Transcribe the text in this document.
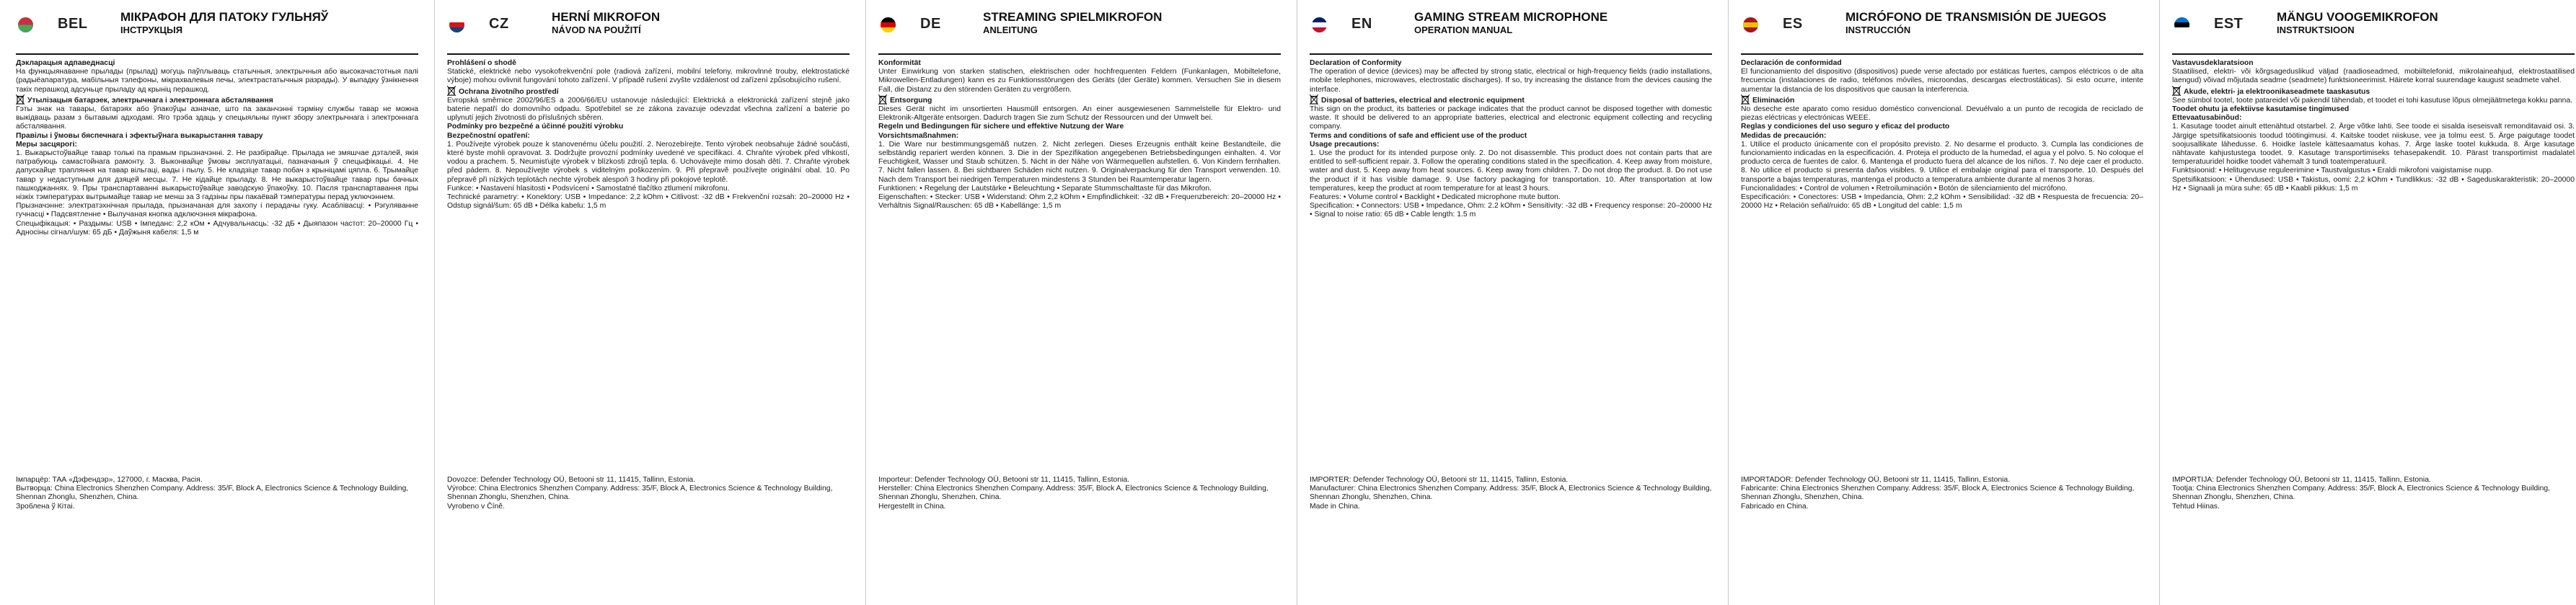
BEL	МІКРАФОН ДЛЯ ПАТОКУ ГУЛЬНЯЎ
ІНСТРУКЦЫЯ

Дэкларацыя адпаведнасці

На функцыянаванне прылады (прылад) могуць паўплываць статычныя, электрычныя або высокачастотныя палі (радыёапаратура, мабільныя тэлефоны, мікрахвалевыя печы, электрастатычныя разрады). У выпадку ўзнікнення такіх перашкод адсуньце прыладу ад крыніц перашкод.

Утылізацыя батарэек, электрычнага і электроннага абсталявання

Гэты знак на тавары, батарэях або ўпакоўцы азначае, што па заканчэнні тэрміну службы тавар не можна выкідваць разам з бытавымі адходамі. Яго трэба здаць у спецыяльны пункт збору электрычнага і электроннага абсталявання.

Правілы і ўмовы бяспечнага і эфектыўнага выкарыстання тавару

Меры засцярогі:

1. Выкарыстоўвайце тавар толькі па прамым прызначэнні. 2. Не разбірайце. Прылада не змяшчае дэталей, якія патрабуюць самастойнага рамонту. 3. Выконвайце ўмовы эксплуатацыі, пазначаныя ў спецыфікацыі. 4. Не дапускайце трапляння на тавар вільгаці, вады і пылу. 5. Не кладзіце тавар побач з крыніцамі цяпла. 6. Трымайце тавар у недаступным для дзяцей месцы. 7. Не кідайце прыладу. 8. Не выкарыстоўвайце тавар пры бачных пашкоджаннях. 9. Пры транспартаванні выкарыстоўвайце заводскую ўпакоўку. 10. Пасля транспартавання пры нізкіх тэмпературах вытрымайце тавар не менш за 3 гадзіны пры пакаёвай тэмпературы перад уключэннем.

Прызначэнне: электратэхнічная прылада, прызначаная для захопу і перадачы гуку. Асаблівасці: • Рэгуляванне гучнасці • Падсвятленне • Вылучаная кнопка адключэння мікрафона.

Спецыфікацыя: • Раздымы: USB • Імпеданс: 2,2 кОм • Адчувальнасць: -32 дБ • Дыяпазон частот: 20–20000 Гц • Адносіны сігнал/шум: 65 дБ • Даўжыня кабеля: 1,5 м

Імпарцёр: ТАА «Дэфендэр», 127000, г. Масква, Расія.

Вытворца: China Electronics Shenzhen Company. Address: 35/F, Block A, Electronics Science & Technology Building, Shennan Zhonglu, Shenzhen, China.

Зроблена ў Кітаі.

CZ	HERNÍ MIKROFON
NÁVOD NA POUŽITÍ

Prohlášení o shodě

Statické, elektrické nebo vysokofrekvenční pole (radiová zařízení, mobilní telefony, mikrovlnné trouby, elektrostatické výboje) mohou ovlivnit fungování tohoto zařízení. V případě rušení zvyšte vzdálenost od zařízení způsobujícího rušení.

Ochrana životního prostředí

Evropská směrnice 2002/96/ES a 2006/66/EU ustanovuje následující: Elektrická a elektronická zařízení stejně jako baterie nepatří do domovního odpadu. Spotřebitel se ze zákona zavazuje odevzdat všechna zařízení a baterie po uplynutí jejich životnosti do příslušných sběren.

Podmínky pro bezpečné a účinné použití výrobku

Bezpečnostní opatření:

1. Používejte výrobek pouze k stanovenému účelu použití. 2. Nerozebírejte. Tento výrobek neobsahuje žádné součásti, které byste mohli opravovat. 3. Dodržujte provozní podmínky uvedené ve specifikaci. 4. Chraňte výrobek před vlhkostí, vodou a prachem. 5. Neumisťujte výrobek v blízkosti zdrojů tepla. 6. Uchovávejte mimo dosah dětí. 7. Chraňte výrobek před pádem. 8. Nepoužívejte výrobek s viditelným poškozením. 9. Při přepravě používejte originální obal. 10. Po přepravě při nízkých teplotách nechte výrobek alespoň 3 hodiny při pokojové teplotě.

Funkce: • Nastavení hlasitosti • Podsvícení • Samostatné tlačítko ztlumení mikrofonu.

Technické parametry: • Konektory: USB • Impedance: 2,2 kOhm • Citlivost: -32 dB • Frekvenční rozsah: 20–20000 Hz • Odstup signál/šum: 65 dB • Délka kabelu: 1,5 m

Dovozce: Defender Technology OÜ, Betooni str 11, 11415, Tallinn, Estonia.

Výrobce: China Electronics Shenzhen Company. Address: 35/F, Block A, Electronics Science & Technology Building, Shennan Zhonglu, Shenzhen, China.

Vyrobeno v Číně.

DE	STREAMING SPIELMIKROFON
ANLEITUNG

Konformität

Unter Einwirkung von starken statischen, elektrischen oder hochfrequenten Feldern (Funkanlagen, Mobiltelefone, Mikrowellen-Entladungen) kann es zu Funktionsstörungen des Geräts (der Geräte) kommen. Versuchen Sie in diesem Fall, die Distanz zu den störenden Geräten zu vergrößern.

Entsorgung

Dieses Gerät nicht im unsortierten Hausmüll entsorgen. An einer ausgewiesenen Sammelstelle für Elektro- und Elektronik-Altgeräte entsorgen. Dadurch tragen Sie zum Schutz der Ressourcen und der Umwelt bei.

Regeln und Bedingungen für sichere und effektive Nutzung der Ware

Vorsichtsmaßnahmen:

1. Die Ware nur bestimmungsgemäß nutzen. 2. Nicht zerlegen. Dieses Erzeugnis enthält keine Bestandteile, die selbständig repariert werden können. 3. Die in der Spezifikation angegebenen Betriebsbedingungen einhalten. 4. Vor Feuchtigkeit, Wasser und Staub schützen. 5. Nicht in der Nähe von Wärmequellen aufstellen. 6. Von Kindern fernhalten. 7. Nicht fallen lassen. 8. Bei sichtbaren Schäden nicht nutzen. 9. Originalverpackung für den Transport verwenden. 10. Nach dem Transport bei niedrigen Temperaturen mindestens 3 Stunden bei Raumtemperatur lagern.

Funktionen: • Regelung der Lautstärke • Beleuchtung • Separate Stummschalttaste für das Mikrofon.

Eigenschaften: • Stecker: USB • Widerstand: Ohm 2,2 kOhm • Empfindlichkeit: -32 dB • Frequenzbereich: 20–20000 Hz • Verhältnis Signal/Rauschen: 65 dB • Kabellänge: 1,5 m

Importeur: Defender Technology OÜ, Betooni str 11, 11415, Tallinn, Estonia.

Hersteller: China Electronics Shenzhen Company. Address: 35/F, Block A, Electronics Science & Technology Building, Shennan Zhonglu, Shenzhen, China.

Hergestellt in China.

EN	GAMING STREAM MICROPHONE
OPERATION MANUAL

Declaration of Conformity

The operation of device (devices) may be affected by strong static, electrical or high-frequency fields (radio installations, mobile telephones, microwaves, electrostatic discharges). If so, try increasing the distance from the devices causing the interface.

Disposal of batteries, electrical and electronic equipment

This sign on the product, its batteries or package indicates that the product cannot be disposed together with domestic waste. It should be delivered to an appropriate batteries, electrical and electronic equipment collecting and recycling company.

Terms and conditions of safe and efficient use of the product

Usage precautions:

1. Use the product for its intended purpose only. 2. Do not disassemble. This product does not contain parts that are entitled to self-sufficient repair. 3. Follow the operating conditions stated in the specification. 4. Keep away from moisture, water and dust. 5. Keep away from heat sources. 6. Keep away from children. 7. Do not drop the product. 8. Do not use the product if it has visible damage. 9. Use factory packaging for transportation. 10. After transportation at low temperatures, keep the product at room temperature for at least 3 hours.

Features: • Volume control • Backlight • Dedicated microphone mute button.

Specification: • Connectors: USB • Impedance, Ohm: 2.2 kOhm • Sensitivity: -32 dB • Frequency response: 20–20000 Hz • Signal to noise ratio: 65 dB • Cable length: 1.5 m

IMPORTER: Defender Technology OÜ, Betooni str 11, 11415, Tallinn, Estonia.

Manufacturer: China Electronics Shenzhen Company. Address: 35/F, Block A, Electronics Science & Technology Building, Shennan Zhonglu, Shenzhen, China.

Made in China.

ES	MICRÓFONO DE TRANSMISIÓN DE JUEGOS
INSTRUCCIÓN

Declaración de conformidad

El funcionamiento del dispositivo (dispositivos) puede verse afectado por estáticas fuertes, campos eléctricos o de alta frecuencia (instalaciones de radio, teléfonos móviles, microondas, descargas electrostáticas). Si esto ocurre, intente aumentar la distancia de los dispositivos que causan la interferencia.

Eliminación

No deseche este aparato como residuo doméstico convencional. Devuélvalo a un punto de recogida de reciclado de piezas eléctricas y electrónicas WEEE.

Reglas y condiciones del uso seguro y eficaz del producto

Medidas de precaución:

1. Utilice el producto únicamente con el propósito previsto. 2. No desarme el producto. 3. Cumpla las condiciones de funcionamiento indicadas en la especificación. 4. Proteja el producto de la humedad, el agua y el polvo. 5. No coloque el producto cerca de fuentes de calor. 6. Mantenga el producto fuera del alcance de los niños. 7. No deje caer el producto. 8. No utilice el producto si presenta daños visibles. 9. Utilice el embalaje original para el transporte. 10. Después del transporte a bajas temperaturas, mantenga el producto a temperatura ambiente durante al menos 3 horas.

Funcionalidades: • Control de volumen • Retroiluminación • Botón de silenciamiento del micrófono.

Especificación: • Conectores: USB • Impedancia, Ohm: 2,2 kOhm • Sensibilidad: -32 dB • Respuesta de frecuencia: 20–20000 Hz • Relación señal/ruido: 65 dB • Longitud del cable: 1,5 m

IMPORTADOR: Defender Technology OÜ, Betooni str 11, 11415, Tallinn, Estonia.

Fabricante: China Electronics Shenzhen Company. Address: 35/F, Block A, Electronics Science & Technology Building, Shennan Zhonglu, Shenzhen, China.

Fabricado en China.

EST	MÄNGU VOOGEMIKROFON
INSTRUKTSIOON

Vastavusdeklaratsioon

Staatilised, elektri- või kõrgsageduslikud väljad (raadioseadmed, mobiiltelefonid, mikrolaineahjud, elektrostaatilised laengud) võivad mõjutada seadme (seadmete) funktsioneerimist. Häirete korral suurendage kaugust seadmete vahel.

Akude, elektri- ja elektroonikaseadmete taaskasutus

See sümbol tootel, toote patareidel või pakendil tähendab, et toodet ei tohi kasutuse lõpus olmejäätmetega kokku panna.

Toodet ohutu ja efektiivse kasutamise tingimused

Ettevaatusabinõud:

1. Kasutage toodet ainult ettenähtud otstarbel. 2. Ärge võtke lahti. See toode ei sisalda iseseisvalt remonditavaid osi. 3. Järgige spetsifikatsioonis toodud töötingimusi. 4. Kaitske toodet niiskuse, vee ja tolmu eest. 5. Ärge paigutage toodet soojusallikate lähedusse. 6. Hoidke lastele kättesaamatus kohas. 7. Ärge laske tootel kukkuda. 8. Ärge kasutage nähtavate kahjustustega toodet. 9. Kasutage transportimiseks tehasepakendit. 10. Pärast transportimist madalatel temperatuuridel hoidke toodet vähemalt 3 tundi toatemperatuuril.

Funktsioonid: • Helitugevuse reguleerimine • Taustvalgustus • Eraldi mikrofoni vaigistamise nupp.

Spetsifikatsioon: • Ühendused: USB • Takistus, oomi: 2,2 kOhm • Tundlikkus: -32 dB • Sageduskarakteristik: 20–20000 Hz • Signaali ja müra suhe: 65 dB • Kaabli pikkus: 1,5 m

IMPORTIJA: Defender Technology OÜ, Betooni str 11, 11415, Tallinn, Estonia.

Tootja: China Electronics Shenzhen Company. Address: 35/F, Block A, Electronics Science & Technology Building, Shennan Zhonglu, Shenzhen, China.

Tehtud Hiinas.
